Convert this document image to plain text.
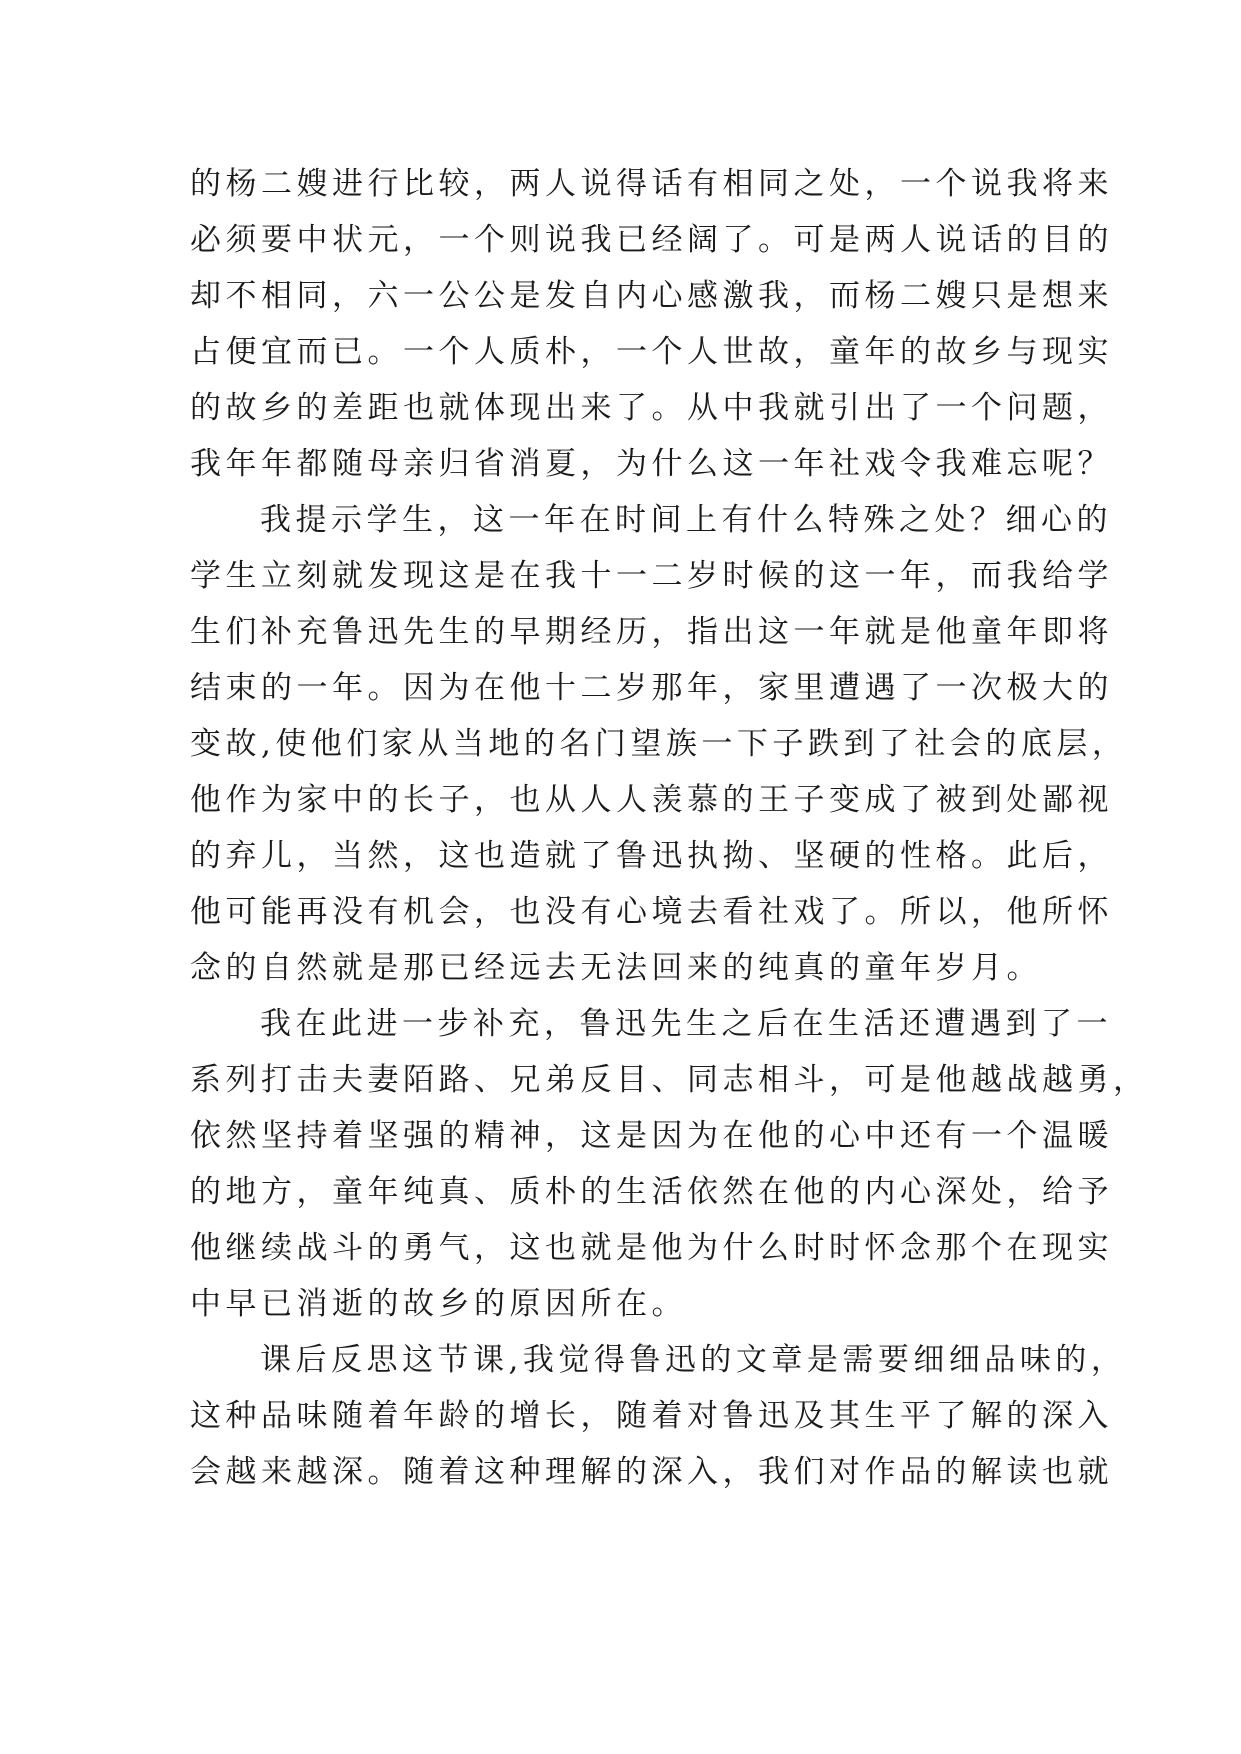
的杨二嫂进行比较，两人说得话有相同之处，一个说我将来
必须要中状元，一个则说我已经阔了。可是两人说话的目的
却不相同，六一公公是发自内心感激我，而杨二嫂只是想来
占便宜而已。一个人质朴，一个人世故，童年的故乡与现实
的故乡的差距也就体现出来了。从中我就引出了一个问题，
我年年都随母亲归省消夏，为什么这一年社戏令我难忘呢？
我提示学生，这一年在时间上有什么特殊之处？细心的
学生立刻就发现这是在我十一二岁时候的这一年，而我给学
生们补充鲁迅先生的早期经历，指出这一年就是他童年即将
结束的一年。因为在他十二岁那年，家里遭遇了一次极大的
变故,使他们家从当地的名门望族一下子跌到了社会的底层，
他作为家中的长子，也从人人羡慕的王子变成了被到处鄙视
的弃儿，当然，这也造就了鲁迅执拗、坚硬的性格。此后，
他可能再没有机会，也没有心境去看社戏了。所以，他所怀
念的自然就是那已经远去无法回来的纯真的童年岁月。
我在此进一步补充，鲁迅先生之后在生活还遭遇到了一
系列打击夫妻陌路、兄弟反目、同志相斗，可是他越战越勇，
依然坚持着坚强的精神，这是因为在他的心中还有一个温暖
的地方，童年纯真、质朴的生活依然在他的内心深处，给予
他继续战斗的勇气，这也就是他为什么时时怀念那个在现实
中早已消逝的故乡的原因所在。
课后反思这节课,我觉得鲁迅的文章是需要细细品味的，
这种品味随着年龄的增长，随着对鲁迅及其生平了解的深入
会越来越深。随着这种理解的深入，我们对作品的解读也就
